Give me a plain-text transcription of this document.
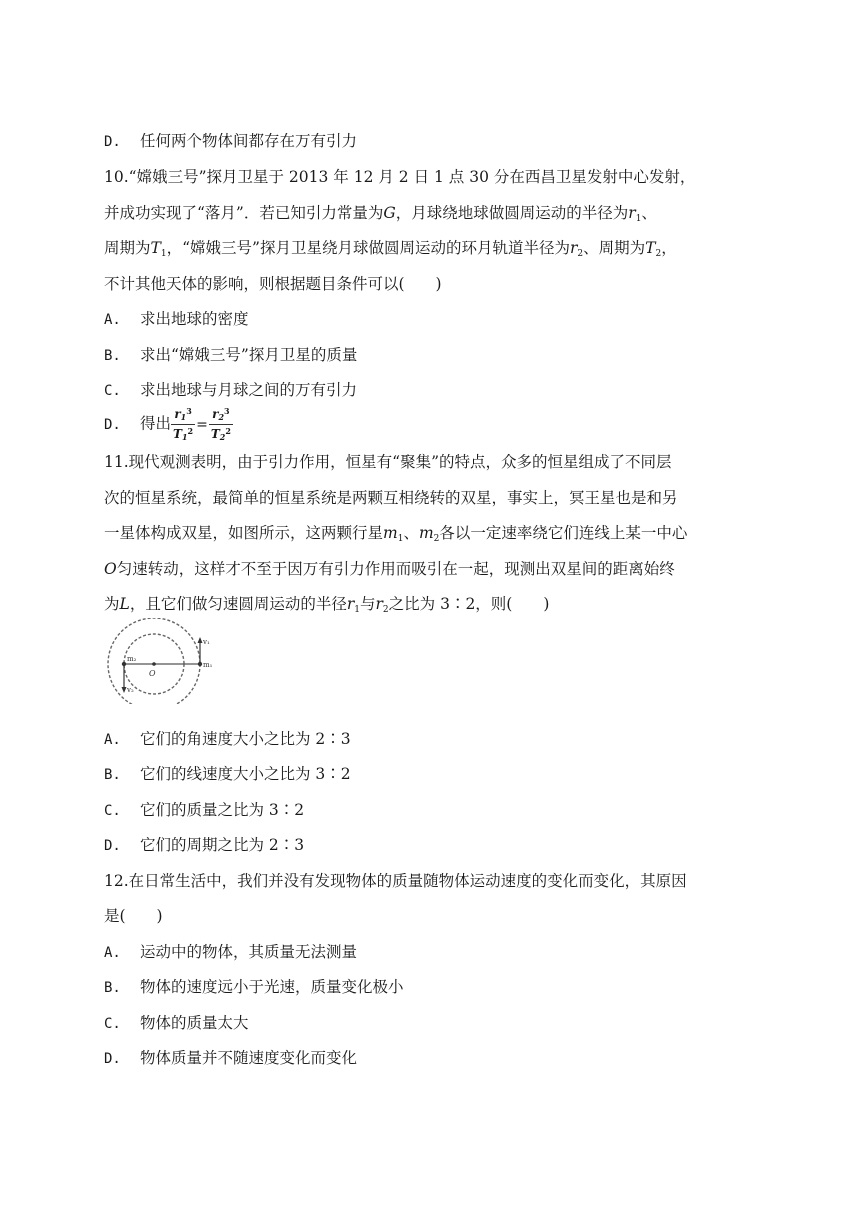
D. 任何两个物体间都存在万有引力
10.“嫦娥三号”探月卫星于 2013 年 12 月 2 日 1 点 30 分在西昌卫星发射中心发射，
并成功实现了“落月”．若已知引力常量为G，月球绕地球做圆周运动的半径为$r_1$、
周期为$T_1$，“嫦娥三号”探月卫星绕月球做圆周运动的环月轨道半径为$r_2$、周期为$T_2$，
不计其他天体的影响，则根据题目条件可以(　　)
A. 求出地球的密度
B. 求出“嫦娥三号”探月卫星的质量
C. 求出地球与月球之间的万有引力
D. 得出 $\frac{r_1^3}{T_1^2} = \frac{r_2^3}{T_2^2}$
11.现代观测表明，由于引力作用，恒星有“聚集”的特点，众多的恒星组成了不同层
次的恒星系统，最简单的恒星系统是两颗互相绕转的双星，事实上，冥王星也是和另
一星体构成双星，如图所示，这两颗行星$m_1$、$m_2$各以一定速率绕它们连线上某一中心
O匀速转动，这样才不至于因万有引力作用而吸引在一起，现测出双星间的距离始终
为L，且它们做匀速圆周运动的半径$r_1$与$r_2$之比为 3∶2，则(　　)
v₁
m₁
m₂
O
v₂
A. 它们的角速度大小之比为 2∶3
B. 它们的线速度大小之比为 3∶2
C. 它们的质量之比为 3∶2
D. 它们的周期之比为 2∶3
12.在日常生活中，我们并没有发现物体的质量随物体运动速度的变化而变化，其原因
是(　　)
A. 运动中的物体，其质量无法测量
B. 物体的速度远小于光速，质量变化极小
C. 物体的质量太大
D. 物体质量并不随速度变化而变化
